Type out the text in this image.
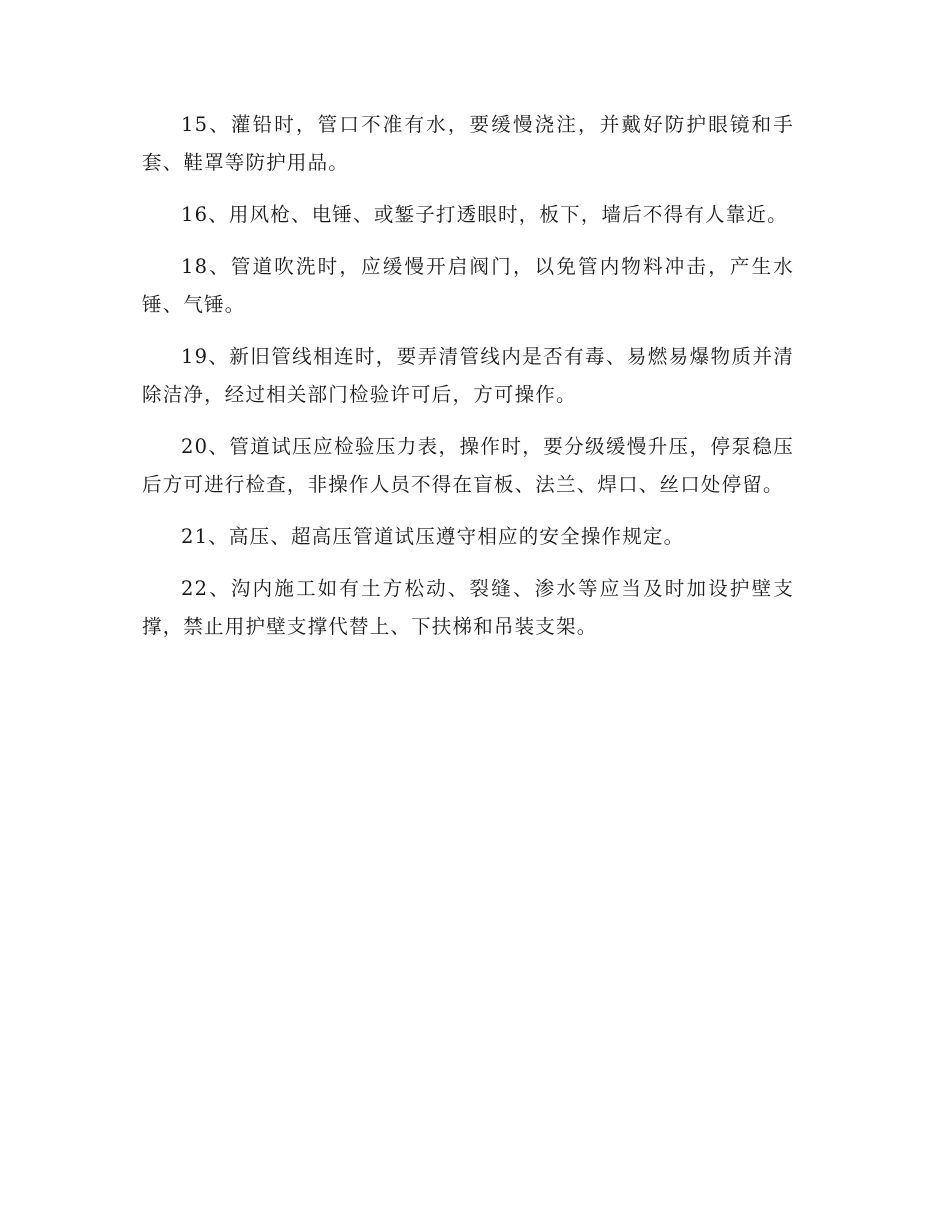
15、灌铅时，管口不准有水，要缓慢浇注，并戴好防护眼镜和手套、鞋罩等防护用品。

16、用风枪、电锤、或錾子打透眼时，板下，墙后不得有人靠近。

18、管道吹洗时，应缓慢开启阀门，以免管内物料冲击，产生水锤、气锤。

19、新旧管线相连时，要弄清管线内是否有毒、易燃易爆物质并清除洁净，经过相关部门检验许可后，方可操作。

20、管道试压应检验压力表，操作时，要分级缓慢升压，停泵稳压后方可进行检查，非操作人员不得在盲板、法兰、焊口、丝口处停留。

21、高压、超高压管道试压遵守相应的安全操作规定。

22、沟内施工如有土方松动、裂缝、渗水等应当及时加设护壁支撑，禁止用护壁支撑代替上、下扶梯和吊装支架。
